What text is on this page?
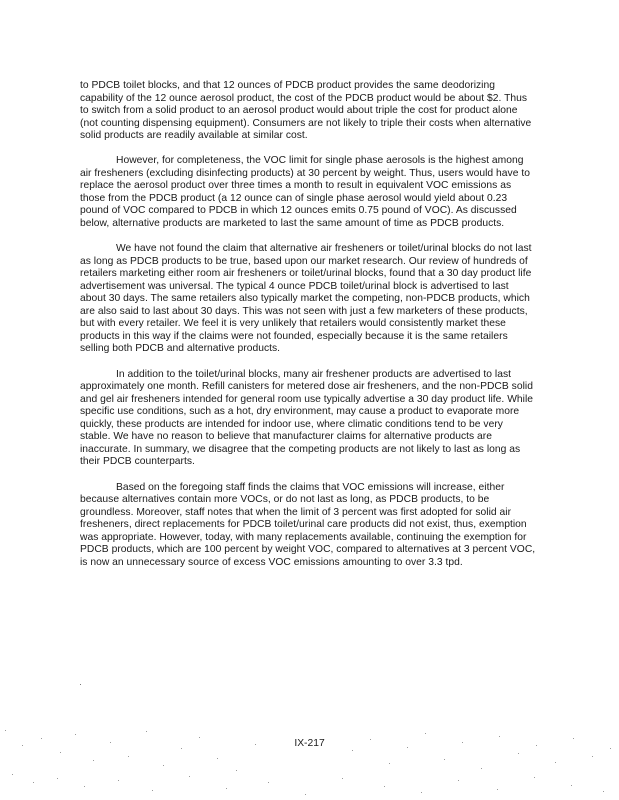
to PDCB toilet blocks, and that 12 ounces of PDCB product provides the same deodorizing capability of the 12 ounce aerosol product, the cost of the PDCB product would be about $2. Thus to switch from a solid product to an aerosol product would about triple the cost for product alone (not counting dispensing equipment). Consumers are not likely to triple their costs when alternative solid products are readily available at similar cost.

However, for completeness, the VOC limit for single phase aerosols is the highest among air fresheners (excluding disinfecting products) at 30 percent by weight. Thus, users would have to replace the aerosol product over three times a month to result in equivalent VOC emissions as those from the PDCB product (a 12 ounce can of single phase aerosol would yield about 0.23 pound of VOC compared to PDCB in which 12 ounces emits 0.75 pound of VOC). As discussed below, alternative products are marketed to last the same amount of time as PDCB products.

We have not found the claim that alternative air fresheners or toilet/urinal blocks do not last as long as PDCB products to be true, based upon our market research. Our review of hundreds of retailers marketing either room air fresheners or toilet/urinal blocks, found that a 30 day product life advertisement was universal. The typical 4 ounce PDCB toilet/urinal block is advertised to last about 30 days. The same retailers also typically market the competing, non-PDCB products, which are also said to last about 30 days. This was not seen with just a few marketers of these products, but with every retailer. We feel it is very unlikely that retailers would consistently market these products in this way if the claims were not founded, especially because it is the same retailers selling both PDCB and alternative products.

In addition to the toilet/urinal blocks, many air freshener products are advertised to last approximately one month. Refill canisters for metered dose air fresheners, and the non-PDCB solid and gel air fresheners intended for general room use typically advertise a 30 day product life. While specific use conditions, such as a hot, dry environment, may cause a product to evaporate more quickly, these products are intended for indoor use, where climatic conditions tend to be very stable. We have no reason to believe that manufacturer claims for alternative products are inaccurate. In summary, we disagree that the competing products are not likely to last as long as their PDCB counterparts.

Based on the foregoing staff finds the claims that VOC emissions will increase, either because alternatives contain more VOCs, or do not last as long, as PDCB products, to be groundless. Moreover, staff notes that when the limit of 3 percent was first adopted for solid air fresheners, direct replacements for PDCB toilet/urinal care products did not exist, thus, exemption was appropriate. However, today, with many replacements available, continuing the exemption for PDCB products, which are 100 percent by weight VOC, compared to alternatives at 3 percent VOC, is now an unnecessary source of excess VOC emissions amounting to over 3.3 tpd.

IX-217
